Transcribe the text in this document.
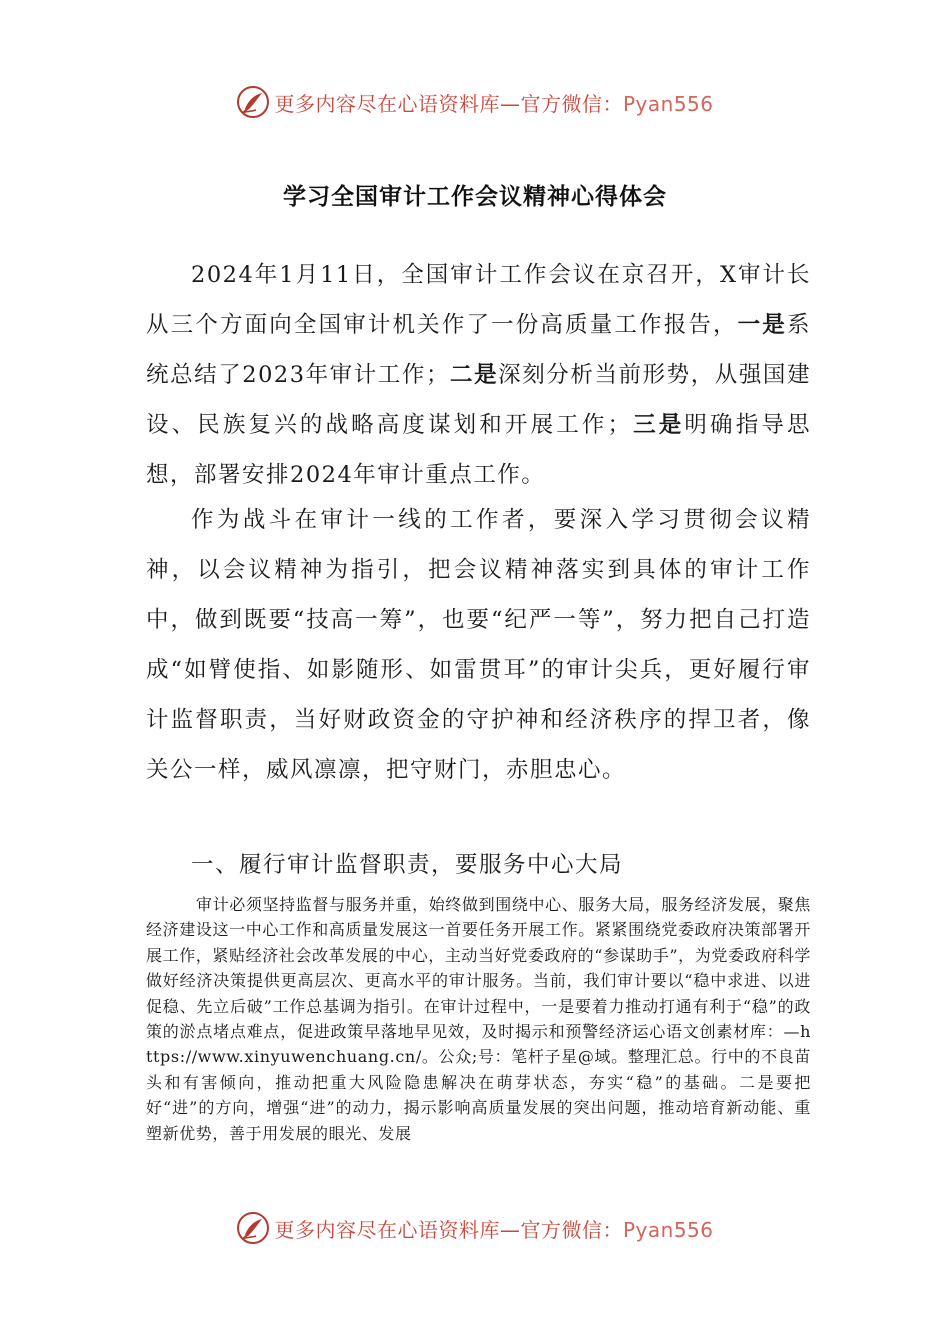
更多内容尽在心语资料库—官方微信：Pyan556
学习全国审计工作会议精神心得体会

2024年1月11日，全国审计工作会议在京召开，X审计长从三个方面向全国审计机关作了一份高质量工作报告，一是系统总结了2023年审计工作；二是深刻分析当前形势，从强国建设、民族复兴的战略高度谋划和开展工作；三是明确指导思想，部署安排2024年审计重点工作。

作为战斗在审计一线的工作者，要深入学习贯彻会议精神，以会议精神为指引，把会议精神落实到具体的审计工作中，做到既要“技高一筹”，也要“纪严一等”，努力把自己打造成“如臂使指、如影随形、如雷贯耳”的审计尖兵，更好履行审计监督职责，当好财政资金的守护神和经济秩序的捍卫者，像关公一样，威风凛凛，把守财门，赤胆忠心。

一、履行审计监督职责，要服务中心大局

审计必须坚持监督与服务并重，始终做到围绕中心、服务大局，服务经济发展，聚焦经济建设这一中心工作和高质量发展这一首要任务开展工作。紧紧围绕党委政府决策部署开展工作，紧贴经济社会改革发展的中心，主动当好党委政府的“参谋助手”，为党委政府科学做好经济决策提供更高层次、更高水平的审计服务。当前，我们审计要以“稳中求进、以进促稳、先立后破”工作总基调为指引。在审计过程中，一是要着力推动打通有利于“稳”的政策的淤点堵点难点，促进政策早落地早见效，及时揭示和预警经济运心语文创素材库：—https://www.xinyuwenchuang.cn/。公众;号：笔杆子星@域。整理汇总。行中的不良苗头和有害倾向，推动把重大风险隐患解决在萌芽状态，夯实“稳”的基础。二是要把好“进”的方向，增强“进”的动力，揭示影响高质量发展的突出问题，推动培育新动能、重塑新优势，善于用发展的眼光、发展

更多内容尽在心语资料库—官方微信：Pyan556
